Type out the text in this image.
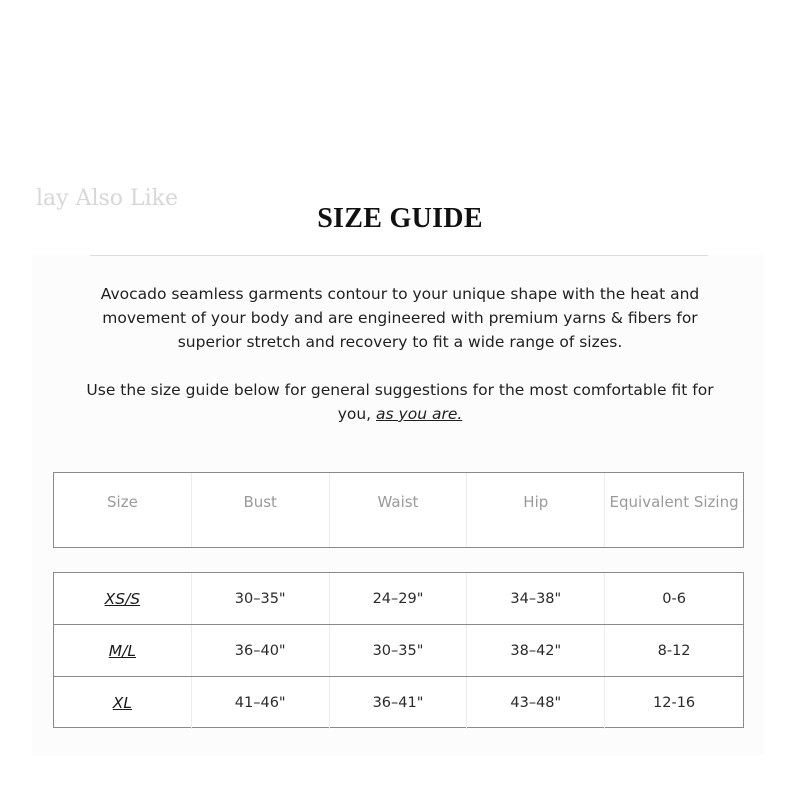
lay Also Like
SIZE GUIDE

Avocado seamless garments contour to your unique shape with the heat and movement of your body and are engineered with premium yarns & fibers for superior stretch and recovery to fit a wide range of sizes.

Use the size guide below for general suggestions for the most comfortable fit for you, as you are.

Size	Bust	Waist	Hip	Equivalent Sizing
XS/S	30–35"	24–29"	34–38"	0-6
M/L	36–40"	30–35"	38–42"	8-12
XL	41–46"	36–41"	43–48"	12-16
